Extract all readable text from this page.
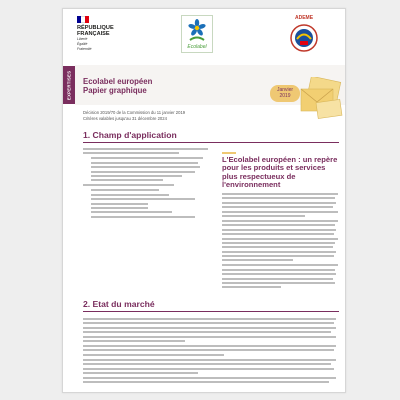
RÉPUBLIQUE
FRANÇAISE
Liberté
Égalité
Fraternité	Ecolabel
ADEME
EXPERTISES	Ecolabel européen
Papier graphique	Janvier
2019
Décision 2019/70 de la Commission du 11 janvier 2019
Critères valables jusqu'au 31 décembre 2024
1. Champ d'application
L'Ecolabel européen : un repère pour les produits et services plus respectueux de l'environnement
2. Etat du marché
